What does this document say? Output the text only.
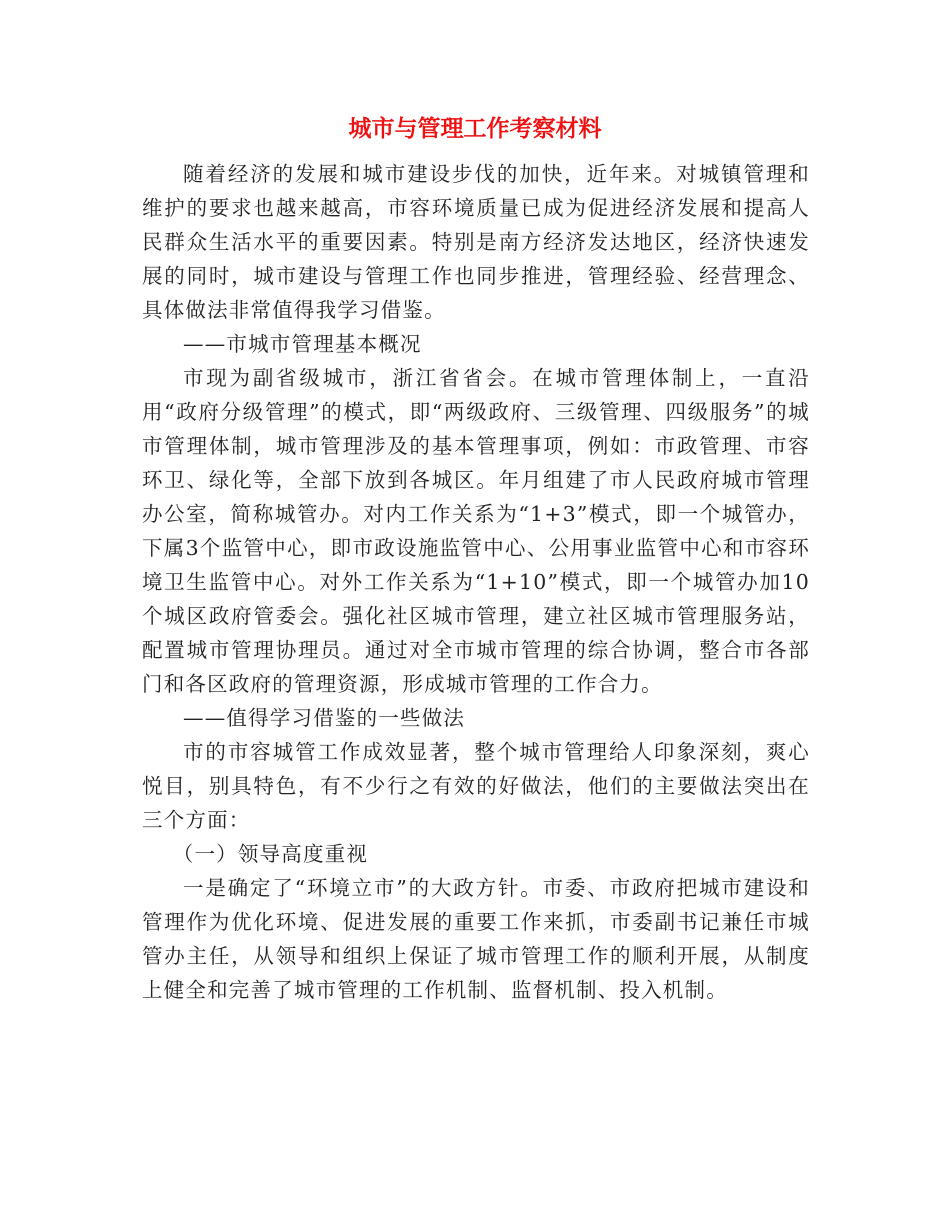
城市与管理工作考察材料

随着经济的发展和城市建设步伐的加快，近年来。对城镇管理和维护的要求也越来越高，市容环境质量已成为促进经济发展和提高人民群众生活水平的重要因素。特别是南方经济发达地区，经济快速发展的同时，城市建设与管理工作也同步推进，管理经验、经营理念、具体做法非常值得我学习借鉴。

——市城市管理基本概况

市现为副省级城市，浙江省省会。在城市管理体制上，一直沿用“政府分级管理”的模式，即“两级政府、三级管理、四级服务”的城市管理体制，城市管理涉及的基本管理事项，例如：市政管理、市容环卫、绿化等，全部下放到各城区。年月组建了市人民政府城市管理办公室，简称城管办。对内工作关系为“1+3”模式，即一个城管办，下属3个监管中心，即市政设施监管中心、公用事业监管中心和市容环境卫生监管中心。对外工作关系为“1+10”模式，即一个城管办加10个城区政府管委会。强化社区城市管理，建立社区城市管理服务站，配置城市管理协理员。通过对全市城市管理的综合协调，整合市各部门和各区政府的管理资源，形成城市管理的工作合力。

——值得学习借鉴的一些做法

市的市容城管工作成效显著，整个城市管理给人印象深刻，爽心悦目，别具特色，有不少行之有效的好做法，他们的主要做法突出在三个方面：

（一）领导高度重视

一是确定了“环境立市”的大政方针。市委、市政府把城市建设和管理作为优化环境、促进发展的重要工作来抓，市委副书记兼任市城管办主任，从领导和组织上保证了城市管理工作的顺利开展，从制度上健全和完善了城市管理的工作机制、监督机制、投入机制。
